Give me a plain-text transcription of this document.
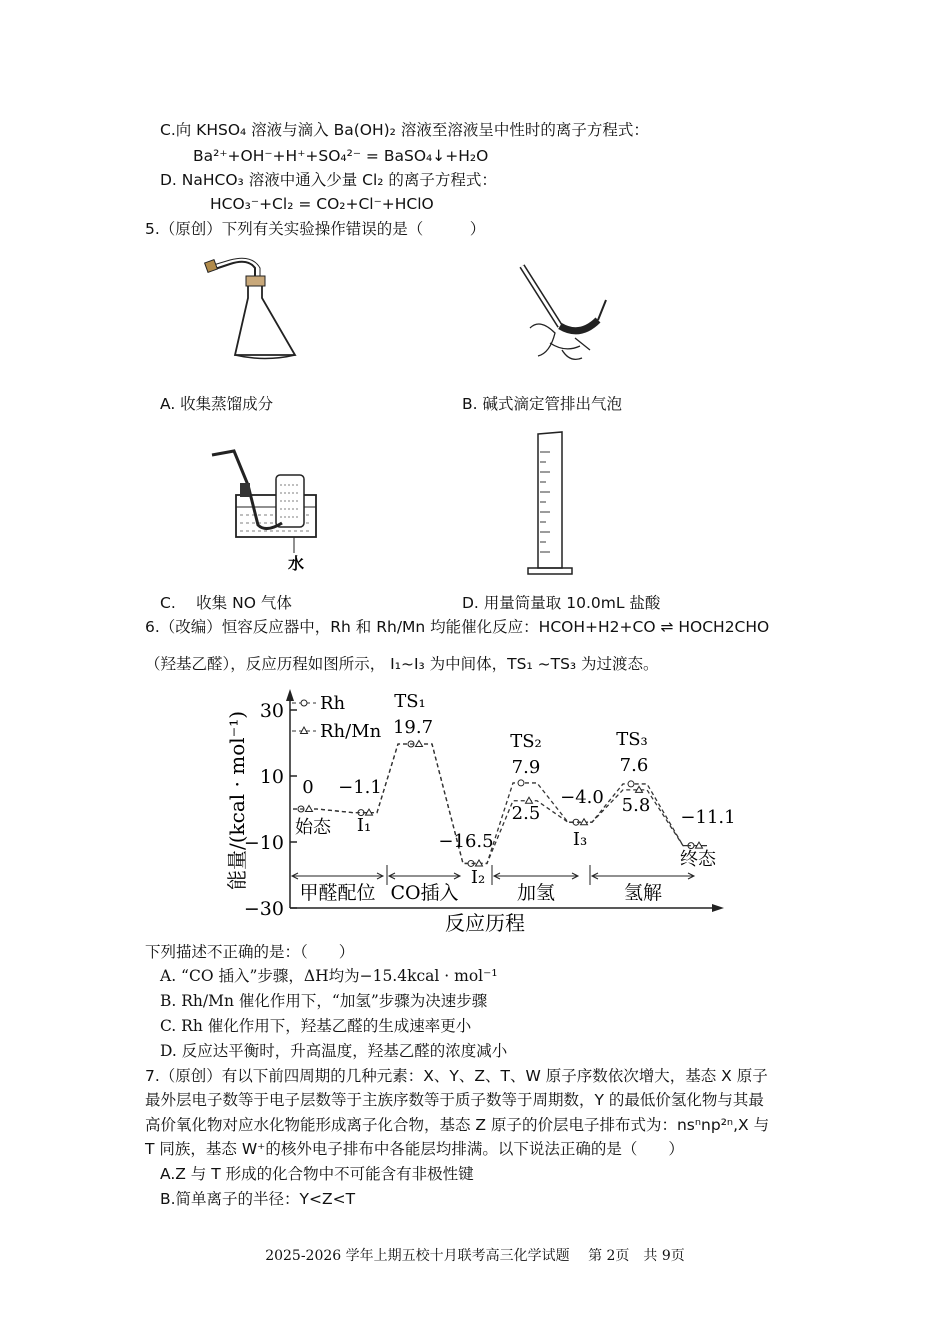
C.向 KHSO₄ 溶液与滴入 Ba(OH)₂ 溶液至溶液呈中性时的离子方程式：
Ba²⁺+OH⁻+H⁺+SO₄²⁻ = BaSO₄↓+H₂O
D. NaHCO₃ 溶液中通入少量 Cl₂ 的离子方程式：
HCO₃⁻+Cl₂ = CO₂+Cl⁻+HClO
5.（原创）下列有关实验操作错误的是（　　　）
A. 收集蒸馏成分	B. 碱式滴定管排出气泡
水
C.　 收集 NO 气体	D. 用量筒量取 10.0mL 盐酸
6.（改编）恒容反应器中，Rh 和 Rh/Mn 均能催化反应：HCOH+H2+CO ⇌ HOCH2CHO
（羟基乙醛），反应历程如图所示， I₁~I₃ 为中间体，TS₁ ~TS₃ 为过渡态。
30
10
−10
−30
能量/(kcal · mol⁻¹)
反应历程
Rh
Rh/Mn
0
始态
−1.1
I₁
TS₁
19.7
−16.5
I₂
TS₂
7.9
2.5
−4.0
I₃
TS₃
7.6
5.8
−11.1
终态
甲醛配位 CO插入	加氢	氢解
下列描述不正确的是：（　　）
A. “CO 插入”步骤，ΔH均为−15.4kcal · mol⁻¹
B. Rh/Mn 催化作用下，“加氢”步骤为决速步骤
C. Rh 催化作用下，羟基乙醛的生成速率更小
D. 反应达平衡时，升高温度，羟基乙醛的浓度减小
7.（原创）有以下前四周期的几种元素：X、Y、Z、T、W 原子序数依次增大，基态 X 原子
最外层电子数等于电子层数等于主族序数等于质子数等于周期数，Y 的最低价氢化物与其最
高价氧化物对应水化物能形成离子化合物，基态 Z 原子的价层电子排布式为：nsⁿnp²ⁿ,X 与
T 同族，基态 W⁺的核外电子排布中各能层均排满。以下说法正确的是（　　）
A.Z 与 T 形成的化合物中不可能含有非极性键
B.简单离子的半径：Y<Z<T
2025-2026 学年上期五校十月联考高三化学试题　 第 2页　共 9页
